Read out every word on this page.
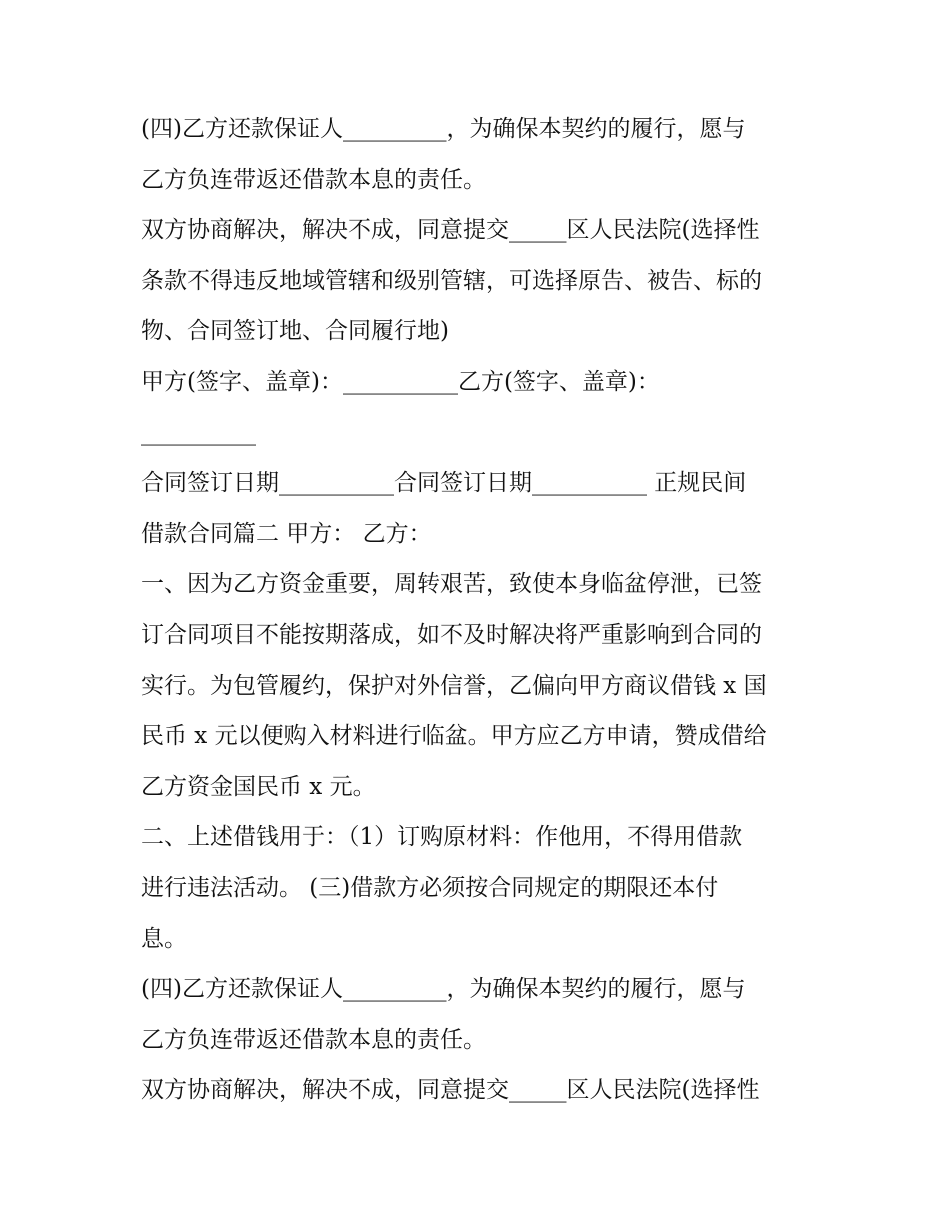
(四)乙方还款保证人_________，为确保本契约的履行，愿与
乙方负连带返还借款本息的责任。
双方协商解决，解决不成，同意提交_____区人民法院(选择性
条款不得违反地域管辖和级别管辖，可选择原告、被告、标的
物、合同签订地、合同履行地)
甲方(签字、盖章)：__________乙方(签字、盖章)：
__________
合同签订日期__________合同签订日期__________ 正规民间
借款合同篇二 甲方： 乙方：
一、因为乙方资金重要，周转艰苦，致使本身临盆停泄，已签
订合同项目不能按期落成，如不及时解决将严重影响到合同的
实行。为包管履约，保护对外信誉，乙偏向甲方商议借钱 x 国
民币 x 元以便购入材料进行临盆。甲方应乙方申请，赞成借给
乙方资金国民币 x 元。
二、上述借钱用于：（1）订购原材料：作他用，不得用借款
进行违法活动。 (三)借款方必须按合同规定的期限还本付
息。
(四)乙方还款保证人_________，为确保本契约的履行，愿与
乙方负连带返还借款本息的责任。
双方协商解决，解决不成，同意提交_____区人民法院(选择性
